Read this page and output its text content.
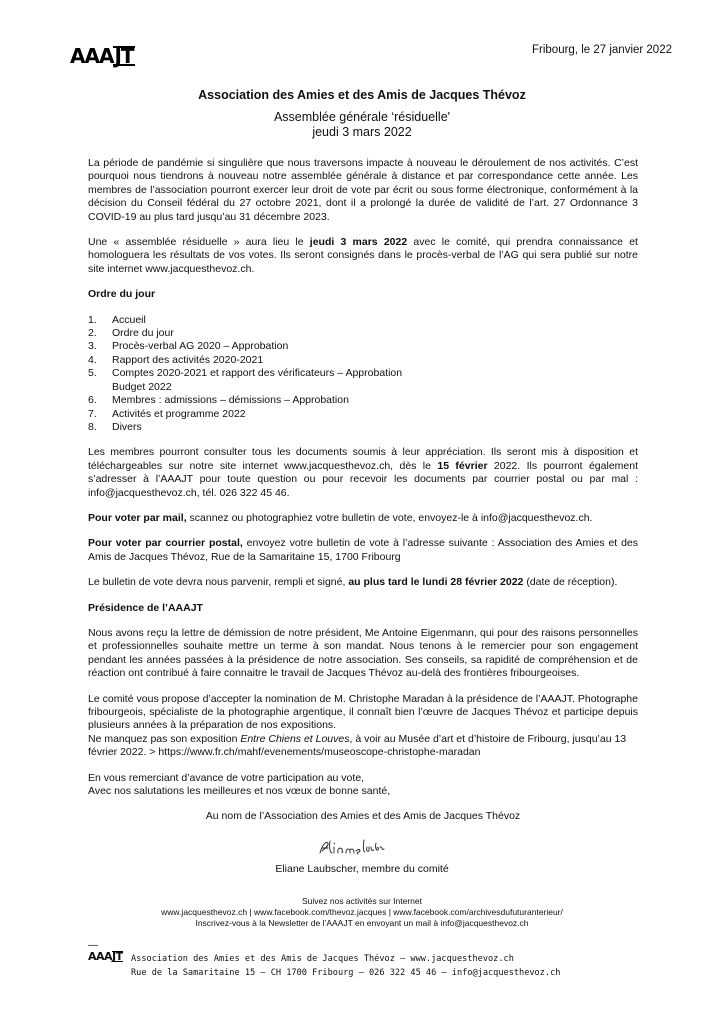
AAAJT	Fribourg, le 27 janvier 2022
Association des Amies et des Amis de Jacques Thévoz
Assemblée générale ‘résiduelle'
jeudi 3 mars 2022

La période de pandémie si singulière que nous traversons impacte à nouveau le déroulement de nos activités. C’est pourquoi nous tiendrons à nouveau notre assemblée générale à distance et par correspondance cette année. Les membres de l’association pourront exercer leur droit de vote par écrit ou sous forme électronique, conformément à la décision du Conseil fédéral du 27 octobre 2021, dont il a prolongé la durée de validité de l’art. 27 Ordonnance 3 COVID-19 au plus tard jusqu’au 31 décembre 2023.

Une « assemblée résiduelle » aura lieu le jeudi 3 mars 2022 avec le comité, qui prendra connaissance et homologuera les résultats de vos votes. Ils seront consignés dans le procès-verbal de l’AG qui sera publié sur notre site internet www.jacquesthevoz.ch.

Ordre du jour

1.	Accueil
2.	Ordre du jour
3.	Procès-verbal AG 2020 – Approbation
4.	Rapport des activités 2020-2021
5.	Comptes 2020-2021 et rapport des vérificateurs – Approbation
Budget 2022
6.	Membres : admissions – démissions – Approbation
7.	Activités et programme 2022
8.	Divers

Les membres pourront consulter tous les documents soumis à leur appréciation. Ils seront mis à disposition et téléchargeables sur notre site internet www.jacquesthevoz.ch, dès le 15 février 2022. Ils pourront également s’adresser à l’AAAJT pour toute question ou pour recevoir les documents par courrier postal ou par mal : info@jacquesthevoz.ch, tél. 026 322 45 46.

Pour voter par mail, scannez ou photographiez votre bulletin de vote, envoyez-le à info@jacquesthevoz.ch.

Pour voter par courrier postal, envoyez votre bulletin de vote à l’adresse suivante : Association des Amies et des Amis de Jacques Thévoz, Rue de la Samaritaine 15, 1700 Fribourg

Le bulletin de vote devra nous parvenir, rempli et signé, au plus tard le lundi 28 février 2022 (date de réception).

Présidence de l’AAAJT

Nous avons reçu la lettre de démission de notre président, Me Antoine Eigenmann, qui pour des raisons personnelles et professionnelles souhaite mettre un terme à son mandat. Nous tenons à le remercier pour son engagement pendant les années passées à la présidence de notre association. Ses conseils, sa rapidité de compréhension et de réaction ont contribué à faire connaitre le travail de Jacques Thévoz au-delà des frontières fribourgeoises.

Le comité vous propose d’accepter la nomination de M. Christophe Maradan à la présidence de l’AAAJT. Photographe fribourgeois, spécialiste de la photographie argentique, il connaît bien l’œuvre de Jacques Thévoz et participe depuis plusieurs années à la préparation de nos expositions.

Ne manquez pas son exposition Entre Chiens et Louves, à voir au Musée d’art et d’histoire de Fribourg, jusqu’au 13 février 2022. > https://www.fr.ch/mahf/evenements/museoscope-christophe-maradan

En vous remerciant d’avance de votre participation au vote,
Avec nos salutations les meilleures et nos vœux de bonne santé,

Au nom de l’Association des Amies et des Amis de Jacques Thévoz

Eliane Laubscher, membre du comité
Suivez nos activités sur Internet
www.jacquesthevoz.ch | www.facebook.com/thevoz.jacques | www.facebook.com/archivesdufuturanterieur/
Inscrivez-vous à la Newsletter de l’AAAJT en envoyant un mail à info@jacquesthevoz.ch
—
AAAJT Association des Amies et des Amis de Jacques Thévoz — www.jacquesthevoz.ch
Rue de la Samaritaine 15 — CH 1700 Fribourg — 026 322 45 46 — info@jacquesthevoz.ch
